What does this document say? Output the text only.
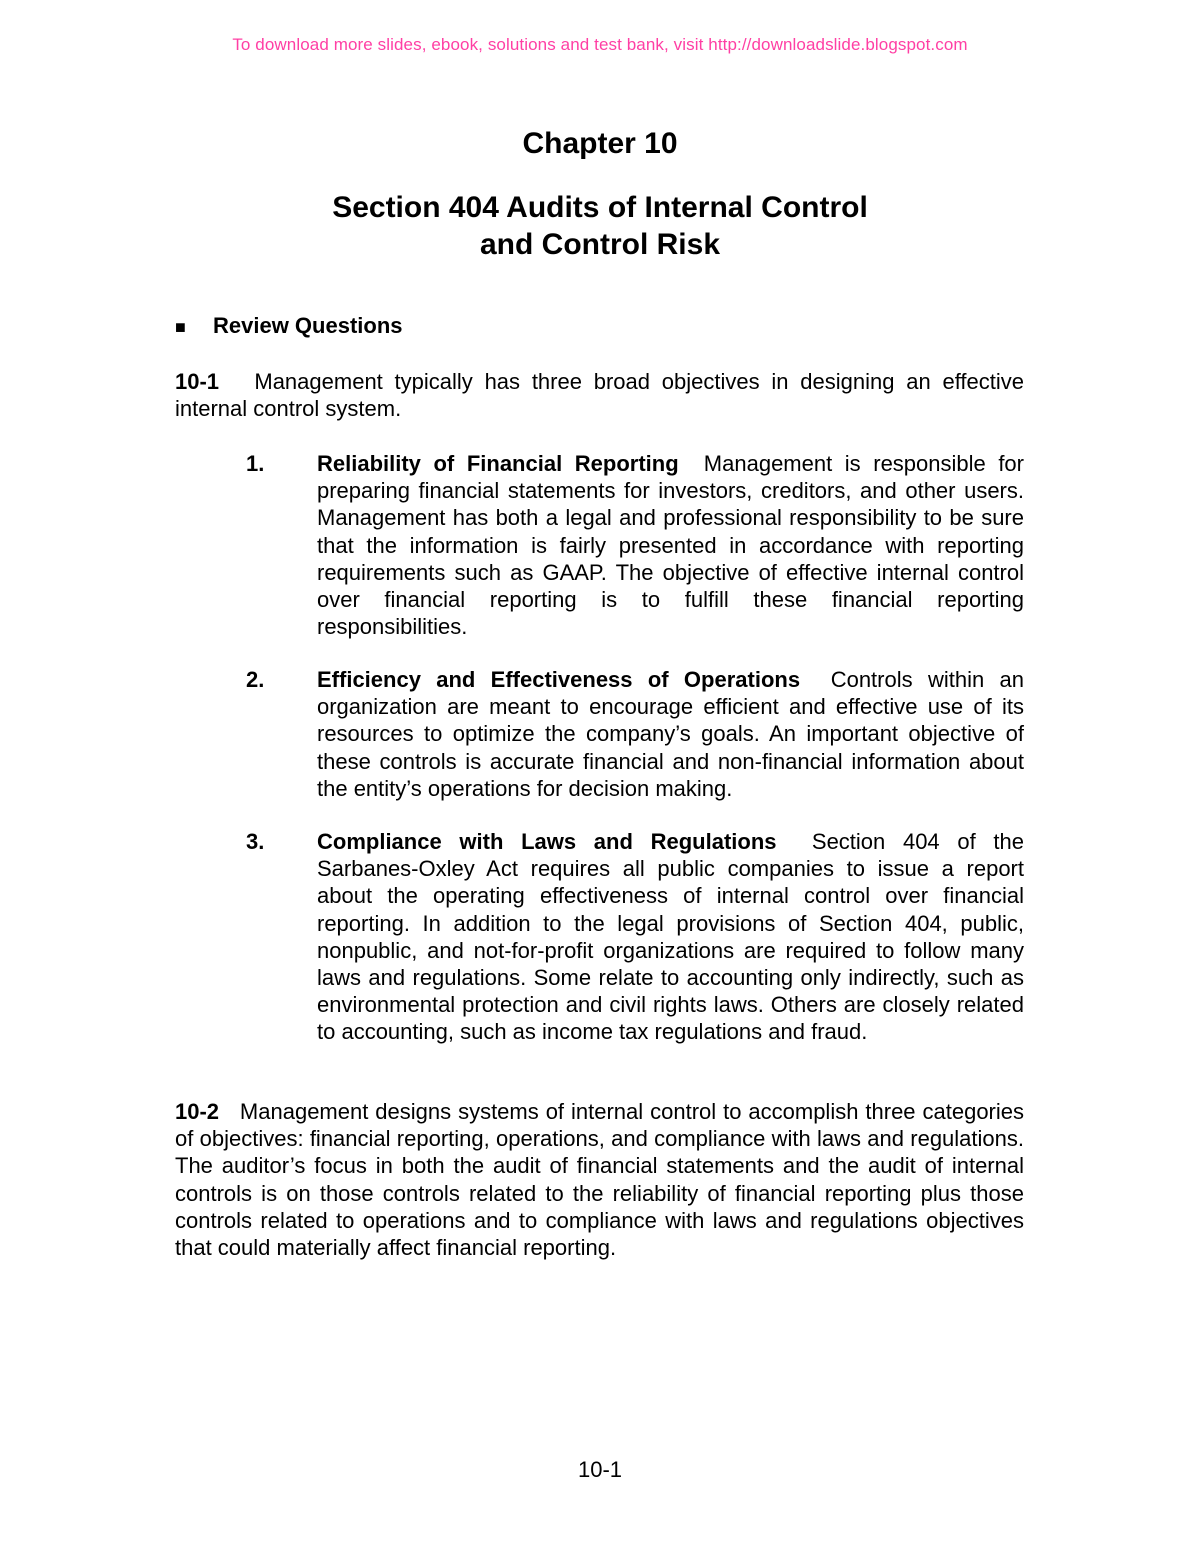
To download more slides, ebook, solutions and test bank, visit http://downloadslide.blogspot.com
Chapter 10
Section 404 Audits of Internal Control
and Control Risk
■ Review Questions
10-1 Management typically has three broad objectives in designing an effective internal control system.
1. Reliability of Financial Reporting Management is responsible for preparing financial statements for investors, creditors, and other users. Management has both a legal and professional responsibility to be sure that the information is fairly presented in accordance with reporting requirements such as GAAP. The objective of effective internal control over financial reporting is to fulfill these financial reporting responsibilities.
2. Efficiency and Effectiveness of Operations Controls within an organization are meant to encourage efficient and effective use of its resources to optimize the company’s goals. An important objective of these controls is accurate financial and non-financial information about the entity’s operations for decision making.
3. Compliance with Laws and Regulations Section 404 of the Sarbanes-Oxley Act requires all public companies to issue a report about the operating effectiveness of internal control over financial reporting. In addition to the legal provisions of Section 404, public, nonpublic, and not-for-profit organizations are required to follow many laws and regulations. Some relate to accounting only indirectly, such as environmental protection and civil rights laws. Others are closely related to accounting, such as income tax regulations and fraud.
10-2 Management designs systems of internal control to accomplish three categories of objectives: financial reporting, operations, and compliance with laws and regulations. The auditor’s focus in both the audit of financial statements and the audit of internal controls is on those controls related to the reliability of financial reporting plus those controls related to operations and to compliance with laws and regulations objectives that could materially affect financial reporting.
10-1
